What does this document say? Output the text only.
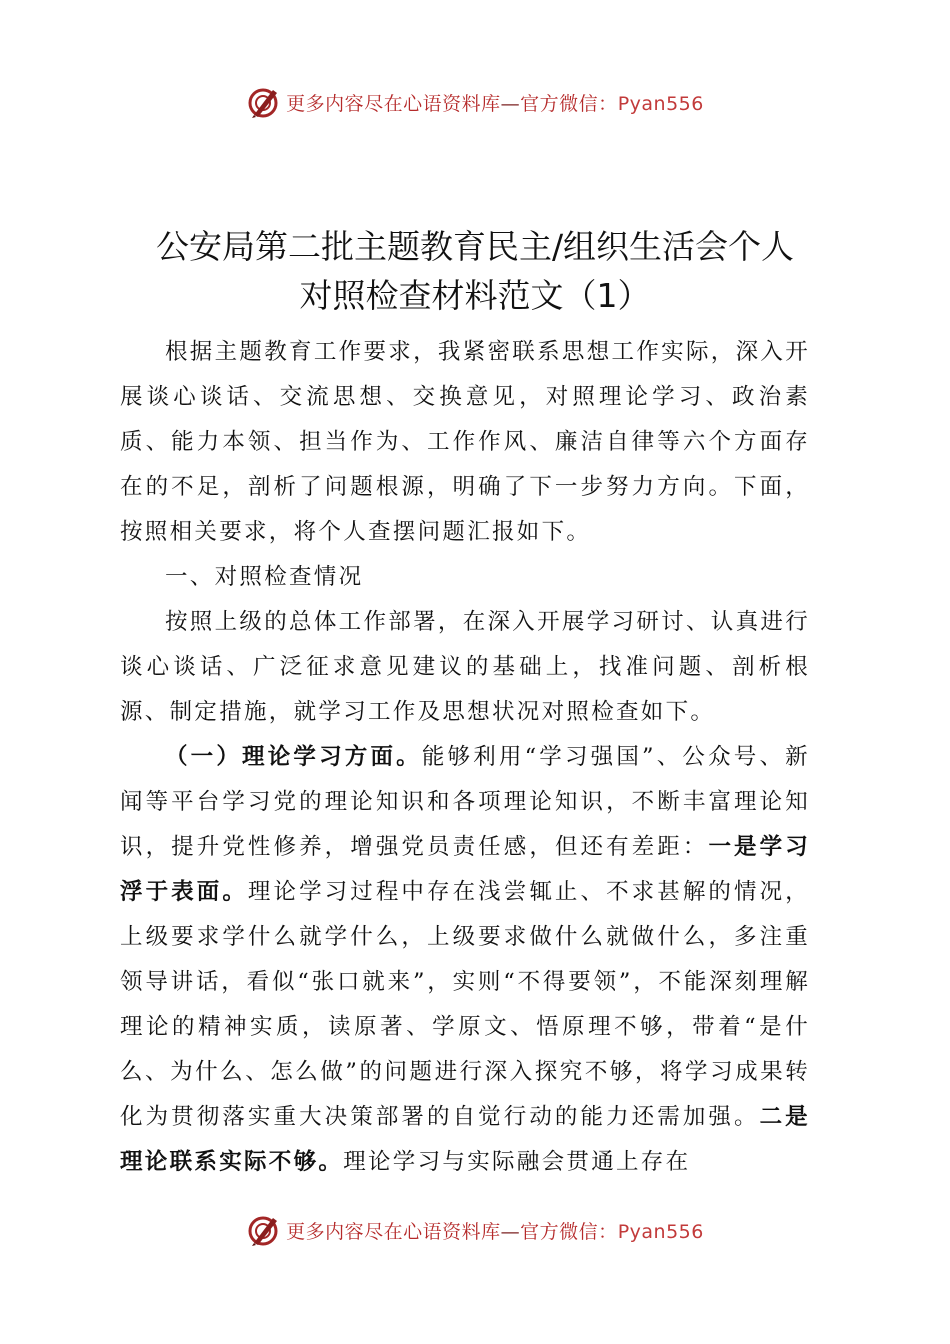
更多内容尽在心语资料库—官方微信：Pyan556
公安局第二批主题教育民主/组织生活会个人
对照检查材料范文（1）

根据主题教育工作要求，我紧密联系思想工作实际，深入开展谈心谈话、交流思想、交换意见，对照理论学习、政治素质、能力本领、担当作为、工作作风、廉洁自律等六个方面存在的不足，剖析了问题根源，明确了下一步努力方向。下面，按照相关要求，将个人查摆问题汇报如下。

一、对照检查情况

按照上级的总体工作部署，在深入开展学习研讨、认真进行谈心谈话、广泛征求意见建议的基础上，找准问题、剖析根源、制定措施，就学习工作及思想状况对照检查如下。

（一）理论学习方面。能够利用“学习强国”、公众号、新闻等平台学习党的理论知识和各项理论知识，不断丰富理论知识，提升党性修养，增强党员责任感，但还有差距：一是学习浮于表面。理论学习过程中存在浅尝辄止、不求甚解的情况，上级要求学什么就学什么，上级要求做什么就做什么，多注重领导讲话，看似“张口就来”，实则“不得要领”，不能深刻理解理论的精神实质，读原著、学原文、悟原理不够，带着“是什么、为什么、怎么做”的问题进行深入探究不够，将学习成果转化为贯彻落实重大决策部署的自觉行动的能力还需加强。二是理论联系实际不够。理论学习与实际融会贯通上存在

更多内容尽在心语资料库—官方微信：Pyan556
